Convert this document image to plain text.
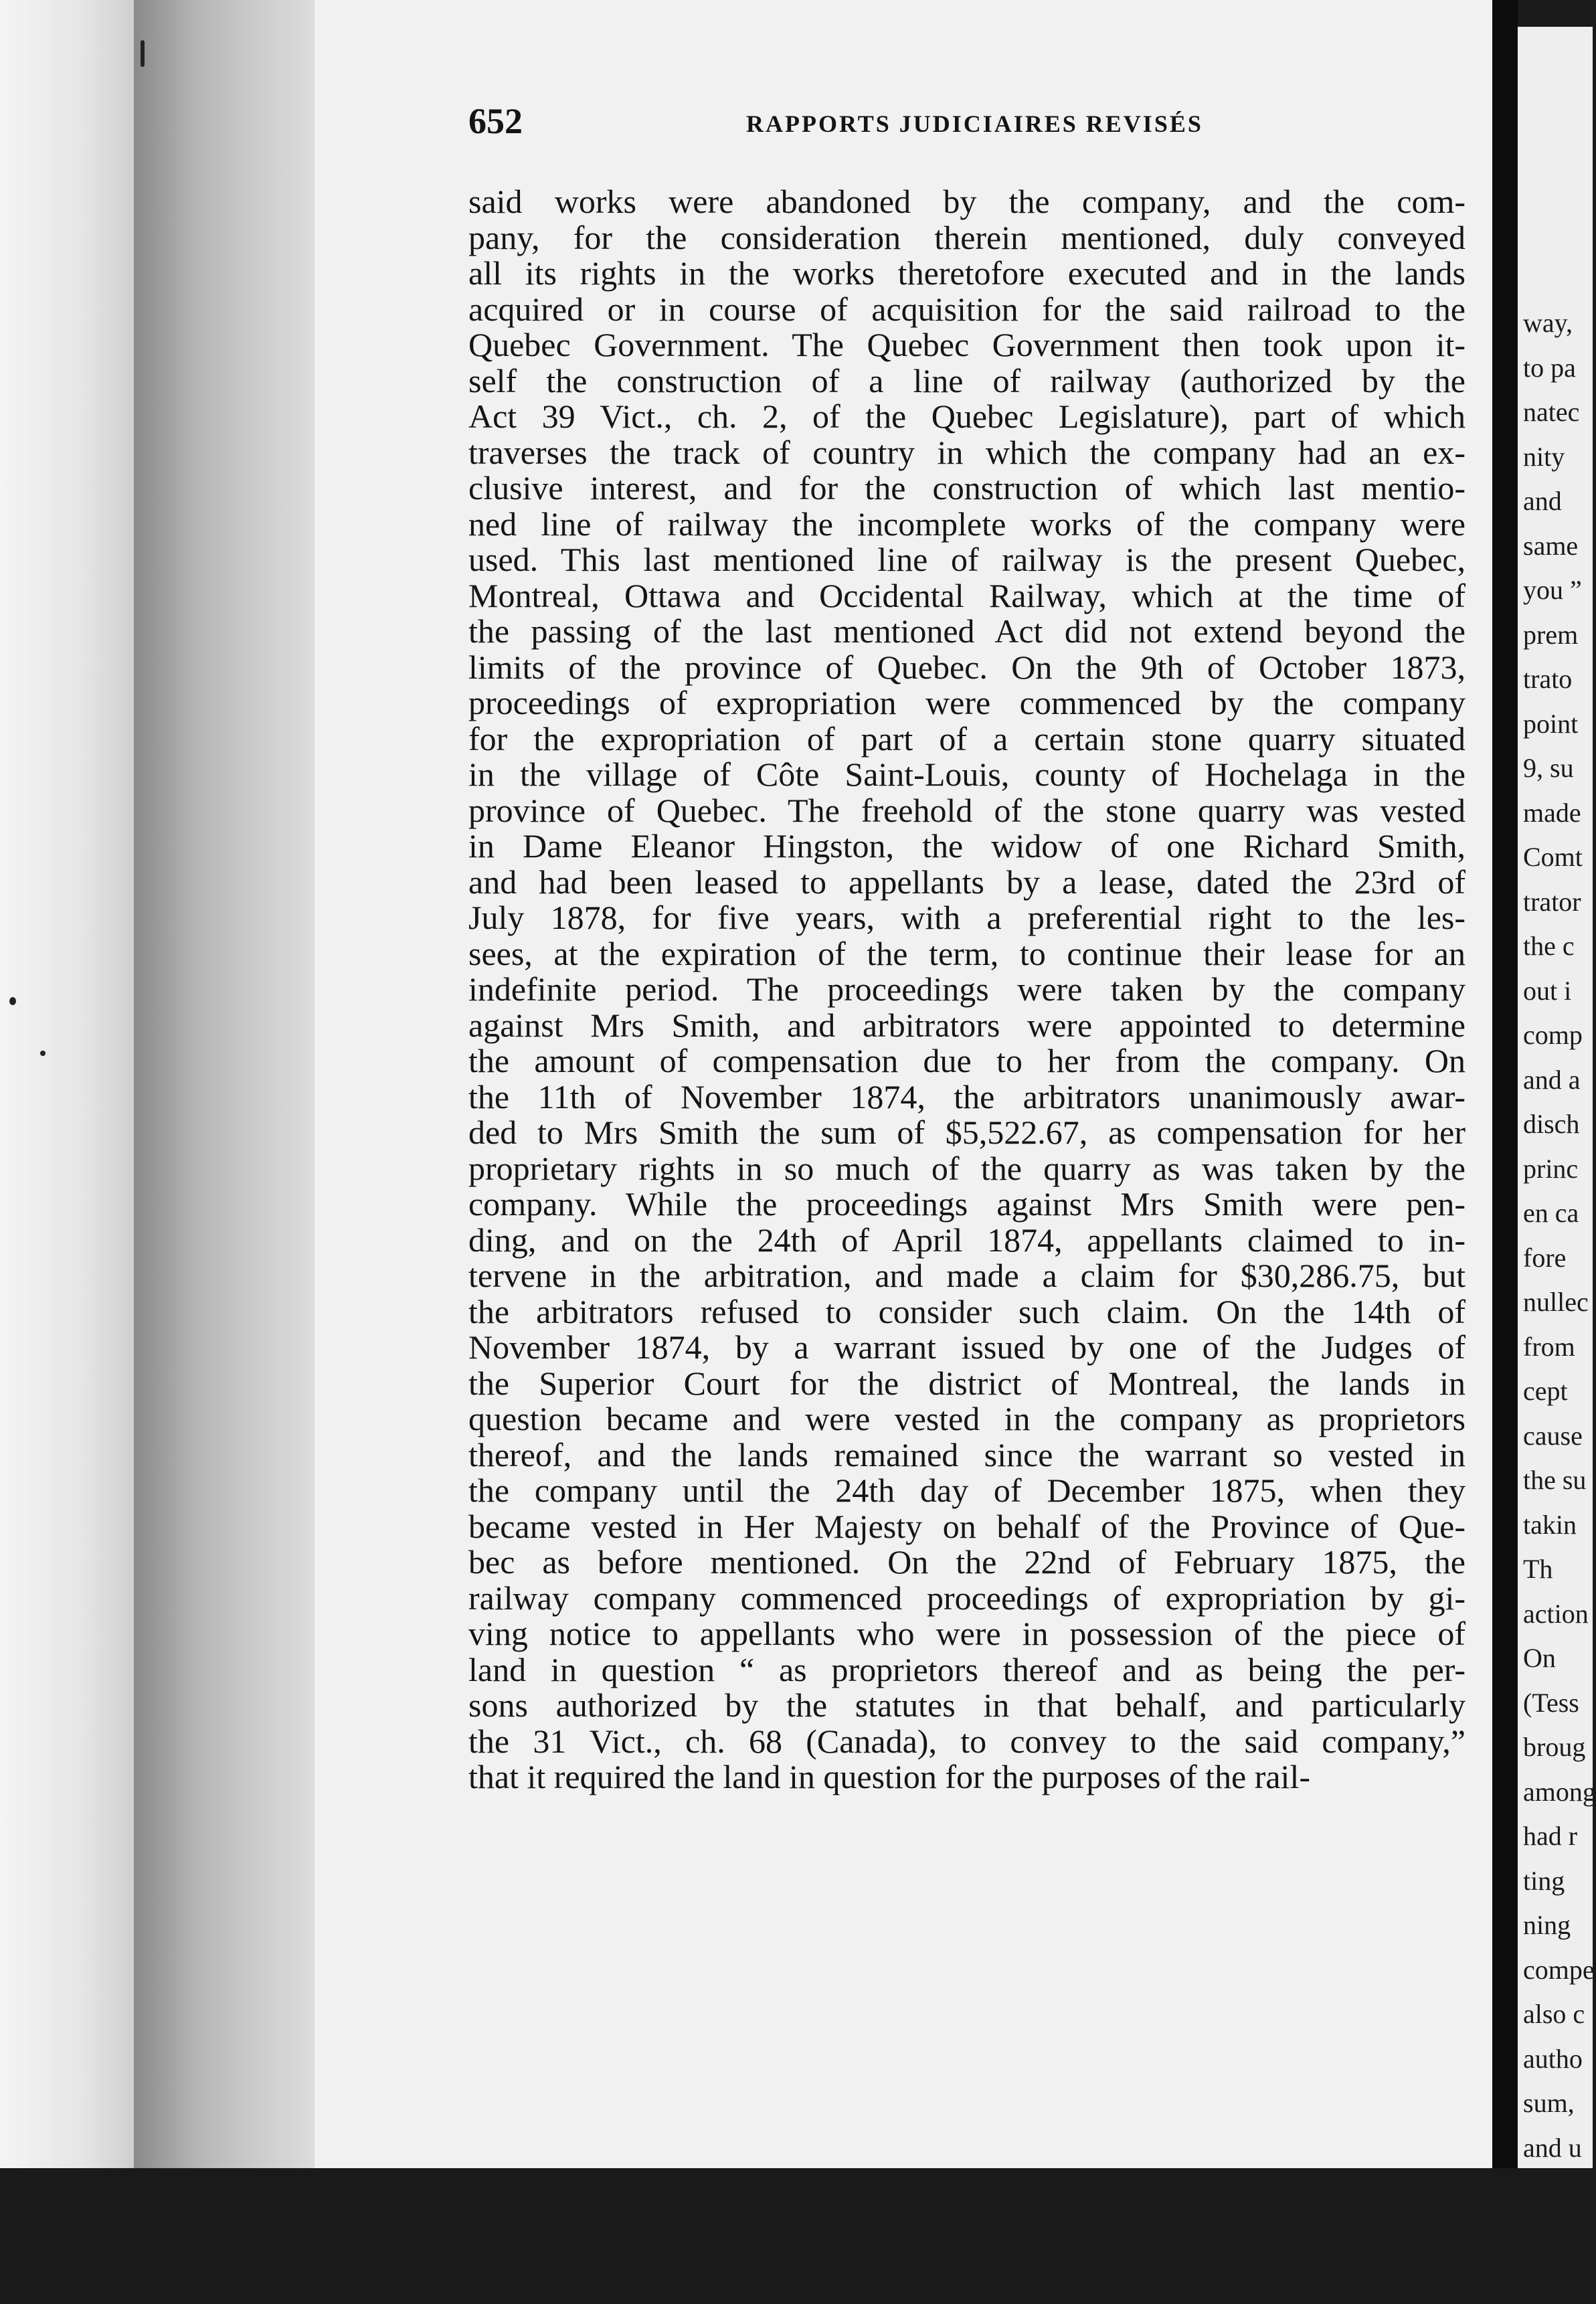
652	RAPPORTS JUDICIAIRES REVISÉS
said works were abandoned by the company, and the com-
pany, for the consideration therein mentioned, duly conveyed
all its rights in the works theretofore executed and in the lands
acquired or in course of acquisition for the said railroad to the
Quebec Government. The Quebec Government then took upon it-
self the construction of a line of railway (authorized by the
Act 39 Vict., ch. 2, of the Quebec Legislature), part of which
traverses the track of country in which the company had an ex-
clusive interest, and for the construction of which last mentio-
ned line of railway the incomplete works of the company were
used. This last mentioned line of railway is the present Quebec,
Montreal, Ottawa and Occidental Railway, which at the time of
the passing of the last mentioned Act did not extend beyond the
limits of the province of Quebec. On the 9th of October 1873,
proceedings of expropriation were commenced by the company
for the expropriation of part of a certain stone quarry situated
in the village of Côte Saint-Louis, county of Hochelaga in the
province of Quebec. The freehold of the stone quarry was vested
in Dame Eleanor Hingston, the widow of one Richard Smith,
and had been leased to appellants by a lease, dated the 23rd of
July 1878, for five years, with a preferential right to the les-
sees, at the expiration of the term, to continue their lease for an
indefinite period. The proceedings were taken by the company
against Mrs Smith, and arbitrators were appointed to determine
the amount of compensation due to her from the company. On
the 11th of November 1874, the arbitrators unanimously awar-
ded to Mrs Smith the sum of $5,522.67, as compensation for her
proprietary rights in so much of the quarry as was taken by the
company. While the proceedings against Mrs Smith were pen-
ding, and on the 24th of April 1874, appellants claimed to in-
tervene in the arbitration, and made a claim for $30,286.75, but
the arbitrators refused to consider such claim. On the 14th of
November 1874, by a warrant issued by one of the Judges of
the Superior Court for the district of Montreal, the lands in
question became and were vested in the company as proprietors
thereof, and the lands remained since the warrant so vested in
the company until the 24th day of December 1875, when they
became vested in Her Majesty on behalf of the Province of Que-
bec as before mentioned. On the 22nd of February 1875, the
railway company commenced proceedings of expropriation by gi-
ving notice to appellants who were in possession of the piece of
land in question “ as proprietors thereof and as being the per-
sons authorized by the statutes in that behalf, and particularly
the 31 Vict., ch. 68 (Canada), to convey to the said company,”
that it required the land in question for the purposes of the rail-
way,
to pa
natec
nity
and
same
you ”
prem
trato
point
9, su
made
Comt
trator
the c
out i
comp
and a
disch
princ
en ca
fore
nullec
from
cept
cause
the su
takin
Th
action
On
(Tess
broug
among
had r
ting
ning
compe
also c
autho
sum,
and u
nor t
nants,
which
